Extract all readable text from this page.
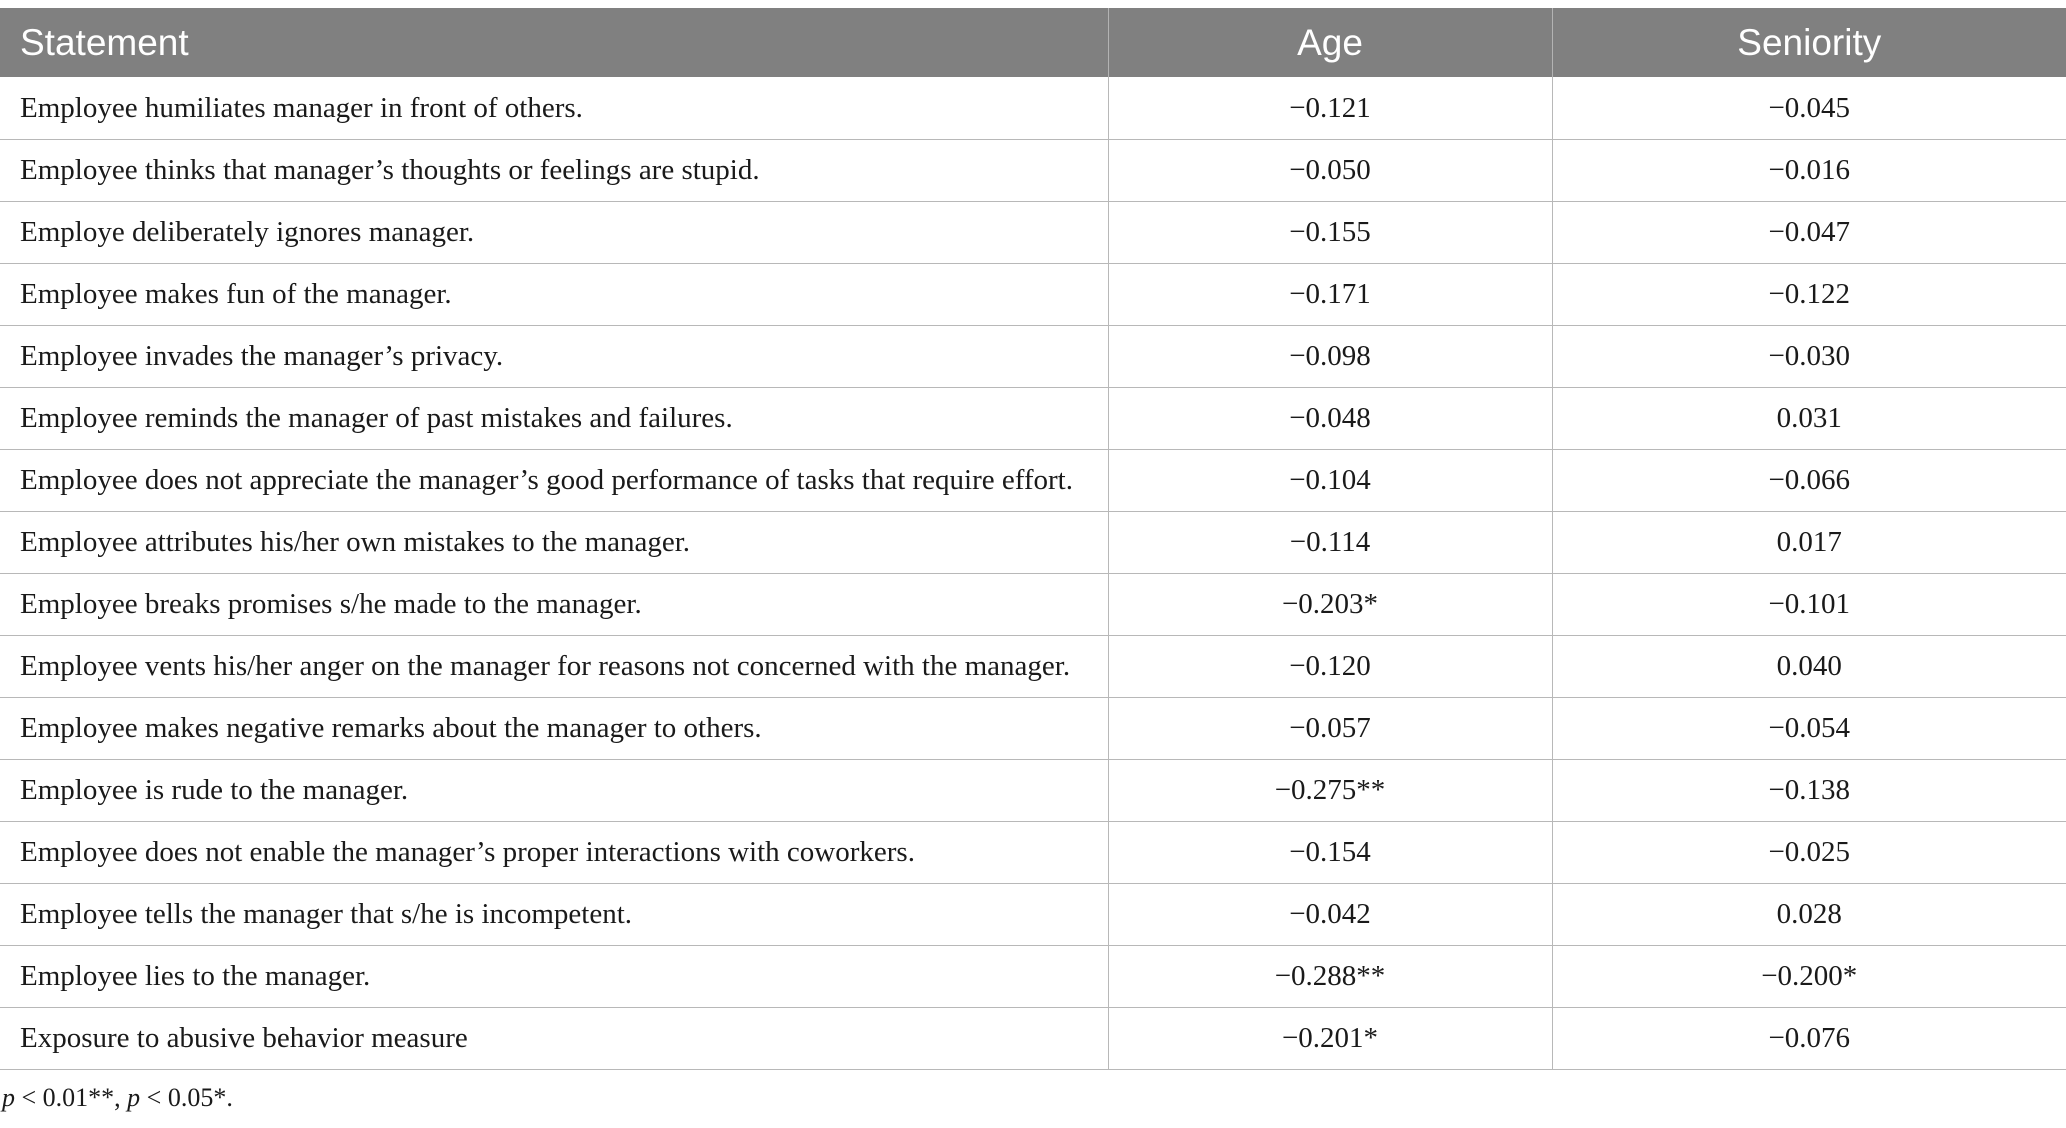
Statement	Age	Seniority
Employee humiliates manager in front of others.	−0.121	−0.045
Employee thinks that manager’s thoughts or feelings are stupid.	−0.050	−0.016
Employe deliberately ignores manager.	−0.155	−0.047
Employee makes fun of the manager.	−0.171	−0.122
Employee invades the manager’s privacy.	−0.098	−0.030
Employee reminds the manager of past mistakes and failures.	−0.048	0.031
Employee does not appreciate the manager’s good performance of tasks that require effort.	−0.104	−0.066
Employee attributes his/her own mistakes to the manager.	−0.114	0.017
Employee breaks promises s/he made to the manager.	−0.203*	−0.101
Employee vents his/her anger on the manager for reasons not concerned with the manager.	−0.120	0.040
Employee makes negative remarks about the manager to others.	−0.057	−0.054
Employee is rude to the manager.	−0.275**	−0.138
Employee does not enable the manager’s proper interactions with coworkers.	−0.154	−0.025
Employee tells the manager that s/he is incompetent.	−0.042	0.028
Employee lies to the manager.	−0.288**	−0.200*
Exposure to abusive behavior measure	−0.201*	−0.076
p < 0.01**, p < 0.05*.
